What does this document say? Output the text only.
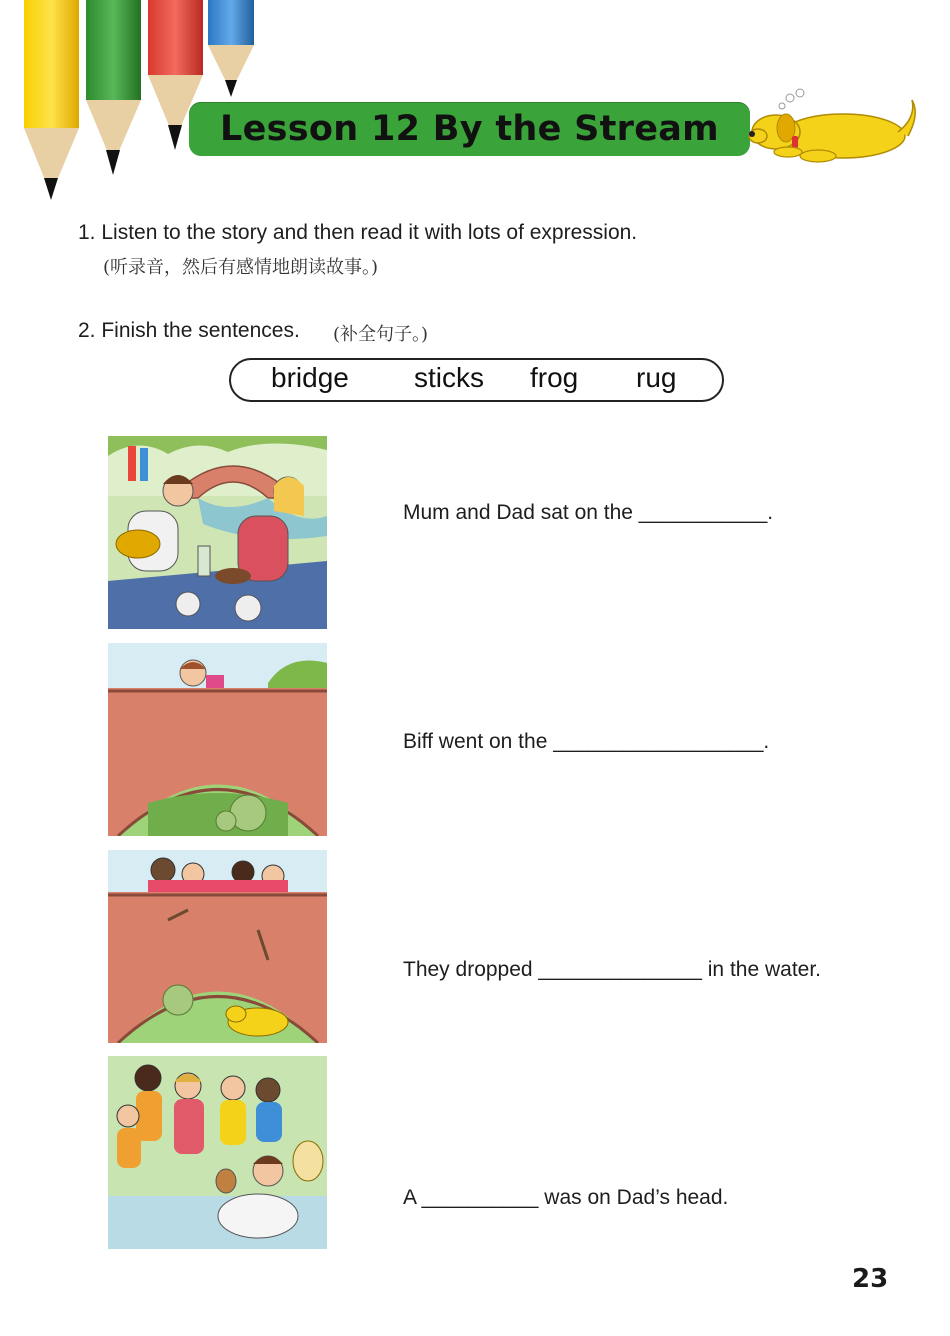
Lesson 12 By the Stream
1. Listen to the story and then read it with lots of expression.
(听录音，然后有感情地朗读故事。)
2. Finish the sentences. (补全句子。)
bridge sticks frog rug
Mum and Dad sat on the ___________.
Biff went on the __________________.
They dropped ______________ in the water.
A __________ was on Dad’s head.
23
